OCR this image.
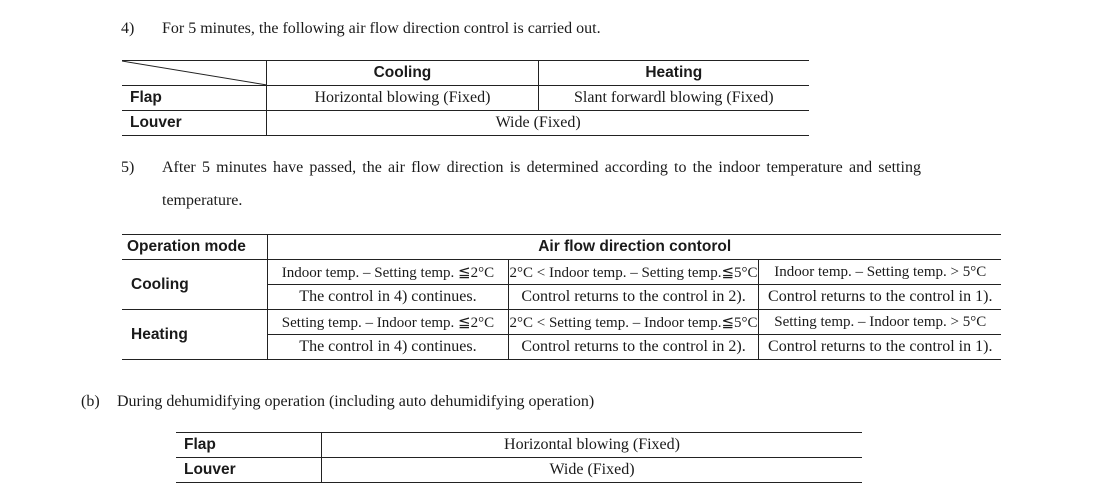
4) For 5 minutes, the following air flow direction control is carried out.
	Cooling	Heating
Flap	Horizontal blowing (Fixed)	Slant forwardl blowing (Fixed)
Louver	Wide (Fixed)	
5) After 5 minutes have passed, the air flow direction is determined according to the indoor temperature and setting
temperature.
Operation mode	Air flow direction contorol		
Cooling	Indoor temp. – Setting temp. ≦2°C	2°C < Indoor temp. – Setting temp.≦5°C	Indoor temp. – Setting temp. > 5°C
	The control in 4) continues.	Control returns to the control in 2).	Control returns to the control in 1).
Heating	Setting temp. – Indoor temp. ≦2°C	2°C < Setting temp. – Indoor temp.≦5°C	Setting temp. – Indoor temp. > 5°C
	The control in 4) continues.	Control returns to the control in 2).	Control returns to the control in 1).
(b) During dehumidifying operation (including auto dehumidifying operation)
Flap	Horizontal blowing (Fixed)
Louver	Wide (Fixed)
